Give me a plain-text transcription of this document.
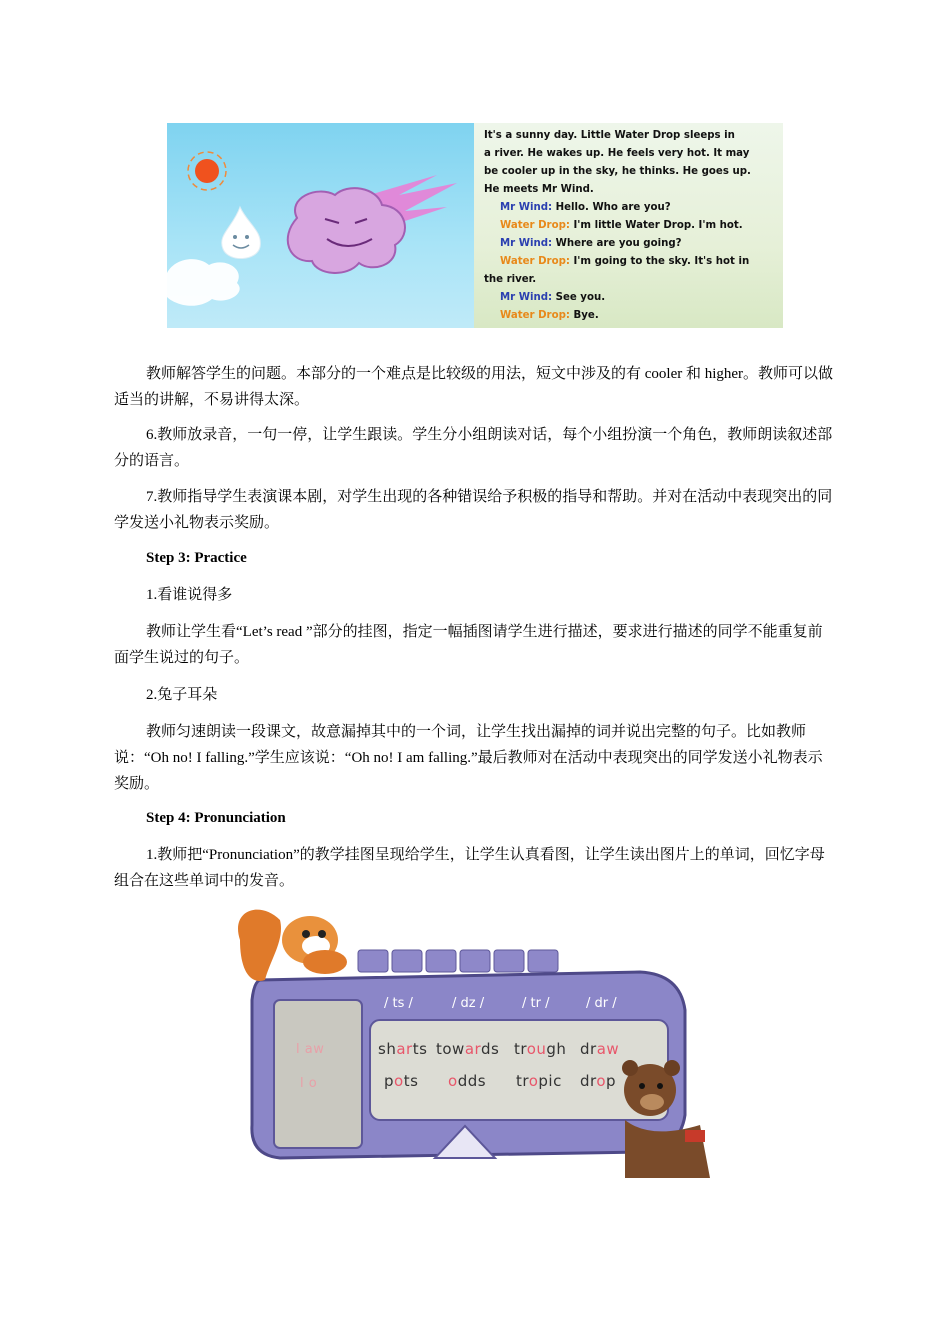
It's a sunny day. Little Water Drop sleeps in
a river. He wakes up. He feels very hot. It may
be cooler up in the sky, he thinks. He goes up.
He meets Mr Wind.
Mr Wind: Hello. Who are you?
Water Drop: I'm little Water Drop. I'm hot.
Mr Wind: Where are you going?
Water Drop: I'm going to the sky. It's hot in
the river.
Mr Wind: See you.
Water Drop: Bye.

教师解答学生的问题。本部分的一个难点是比较级的用法，短文中涉及的有 cooler 和 higher。教师可以做适当的讲解，不易讲得太深。

6.教师放录音，一句一停，让学生跟读。学生分小组朗读对话，每个小组扮演一个角色，教师朗读叙述部分的语言。

7.教师指导学生表演课本剧，对学生出现的各种错误给予积极的指导和帮助。并对在活动中表现突出的同学发送小礼物表示奖励。

Step 3: Practice

1.看谁说得多

教师让学生看“Let’s read ”部分的挂图，指定一幅插图请学生进行描述，要求进行描述的同学不能重复前面学生说过的句子。

2.兔子耳朵

教师匀速朗读一段课文，故意漏掉其中的一个词，让学生找出漏掉的词并说出完整的句子。比如教师说：“Oh no! I falling.”学生应该说：“Oh no! I am falling.”最后教师对在活动中表现突出的同学发送小礼物表示奖励。

Step 4: Pronunciation

1.教师把“Pronunciation”的教学挂图呈现给学生，让学生认真看图，让学生读出图片上的单词，回忆字母组合在这些单词中的发音。

/ ts /	/ dz /	/ tr /	/ dr /
l aw
l o
sharts towards trough draw
pots odds tropic drop
